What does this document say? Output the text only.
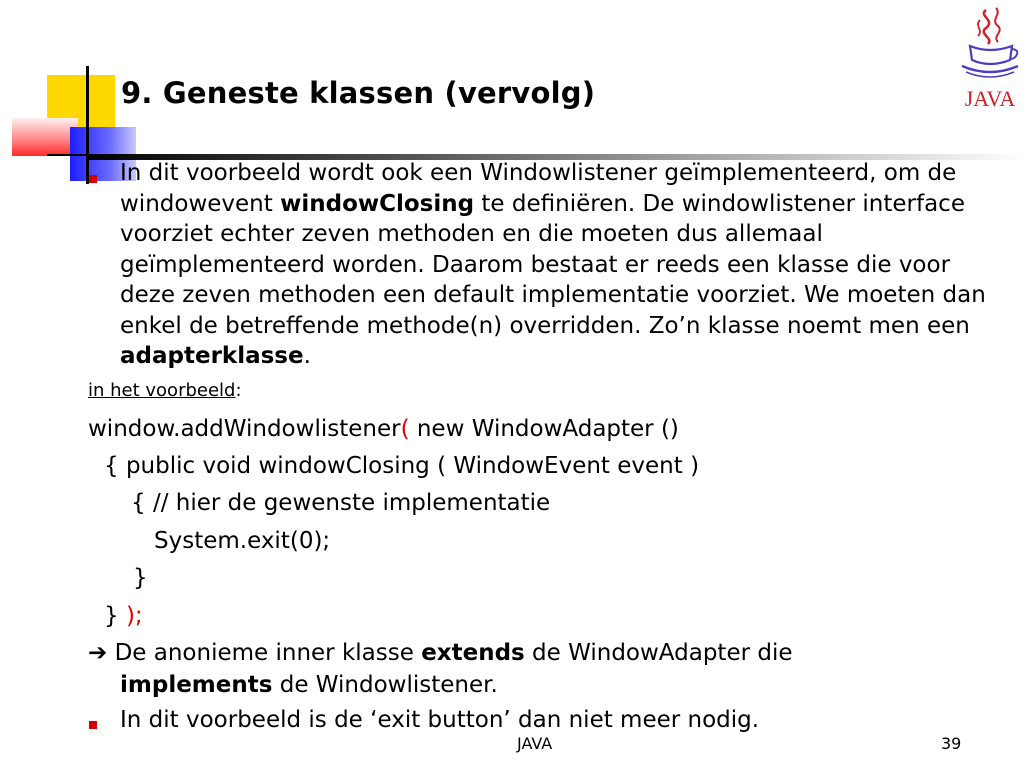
9. Geneste klassen (vervolg)	JAVA
In dit voorbeeld wordt ook een Windowlistener geïmplementeerd, om de windowevent windowClosing te definiëren. De windowlistener interface voorziet echter zeven methoden en die moeten dus allemaal geïmplementeerd worden. Daarom bestaat er reeds een klasse die voor deze zeven methoden een default implementatie voorziet. We moeten dan enkel de betreffende methode(n) overridden. Zo’n klasse noemt men een adapterklasse.
in het voorbeeld:
window.addWindowlistener( new WindowAdapter ()
{ public void windowClosing ( WindowEvent event )
{ // hier de gewenste implementatie
System.exit(0);
}
} );
➔ De anonieme inner klasse extends de WindowAdapter die
implements de Windowlistener.
In dit voorbeeld is de ‘exit button’ dan niet meer nodig.
JAVA	39
